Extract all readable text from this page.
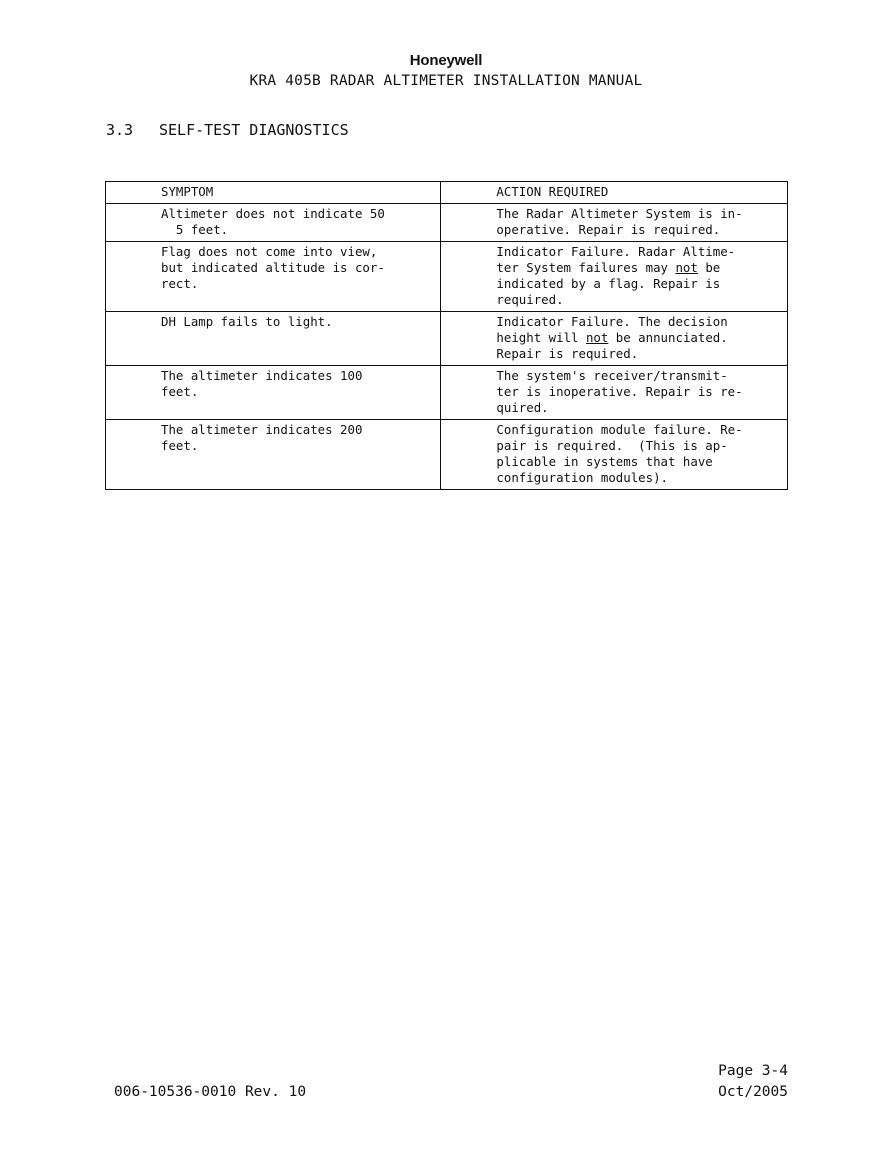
Honeywell
KRA 405B RADAR ALTIMETER INSTALLATION MANUAL
3.3 SELF-TEST DIAGNOSTICS
SYMPTOM	ACTION REQUIRED

Altimeter does not indicate 50
5 feet.	The Radar Altimeter System is in-
operative. Repair is required.

Flag does not come into view,
but indicated altitude is cor-
rect.	Indicator Failure. Radar Altime-
ter System failures may not be
indicated by a flag. Repair is
required.

DH Lamp fails to light.	Indicator Failure. The decision
height will not be annunciated.
Repair is required.

The altimeter indicates 100
feet.	The system's receiver/transmit-
ter is inoperative. Repair is re-
quired.

The altimeter indicates 200
feet.	Configuration module failure. Re-
pair is required.  (This is ap-
plicable in systems that have
configuration modules).
Page 3-4
006-10536-0010 Rev. 10	Oct/2005
